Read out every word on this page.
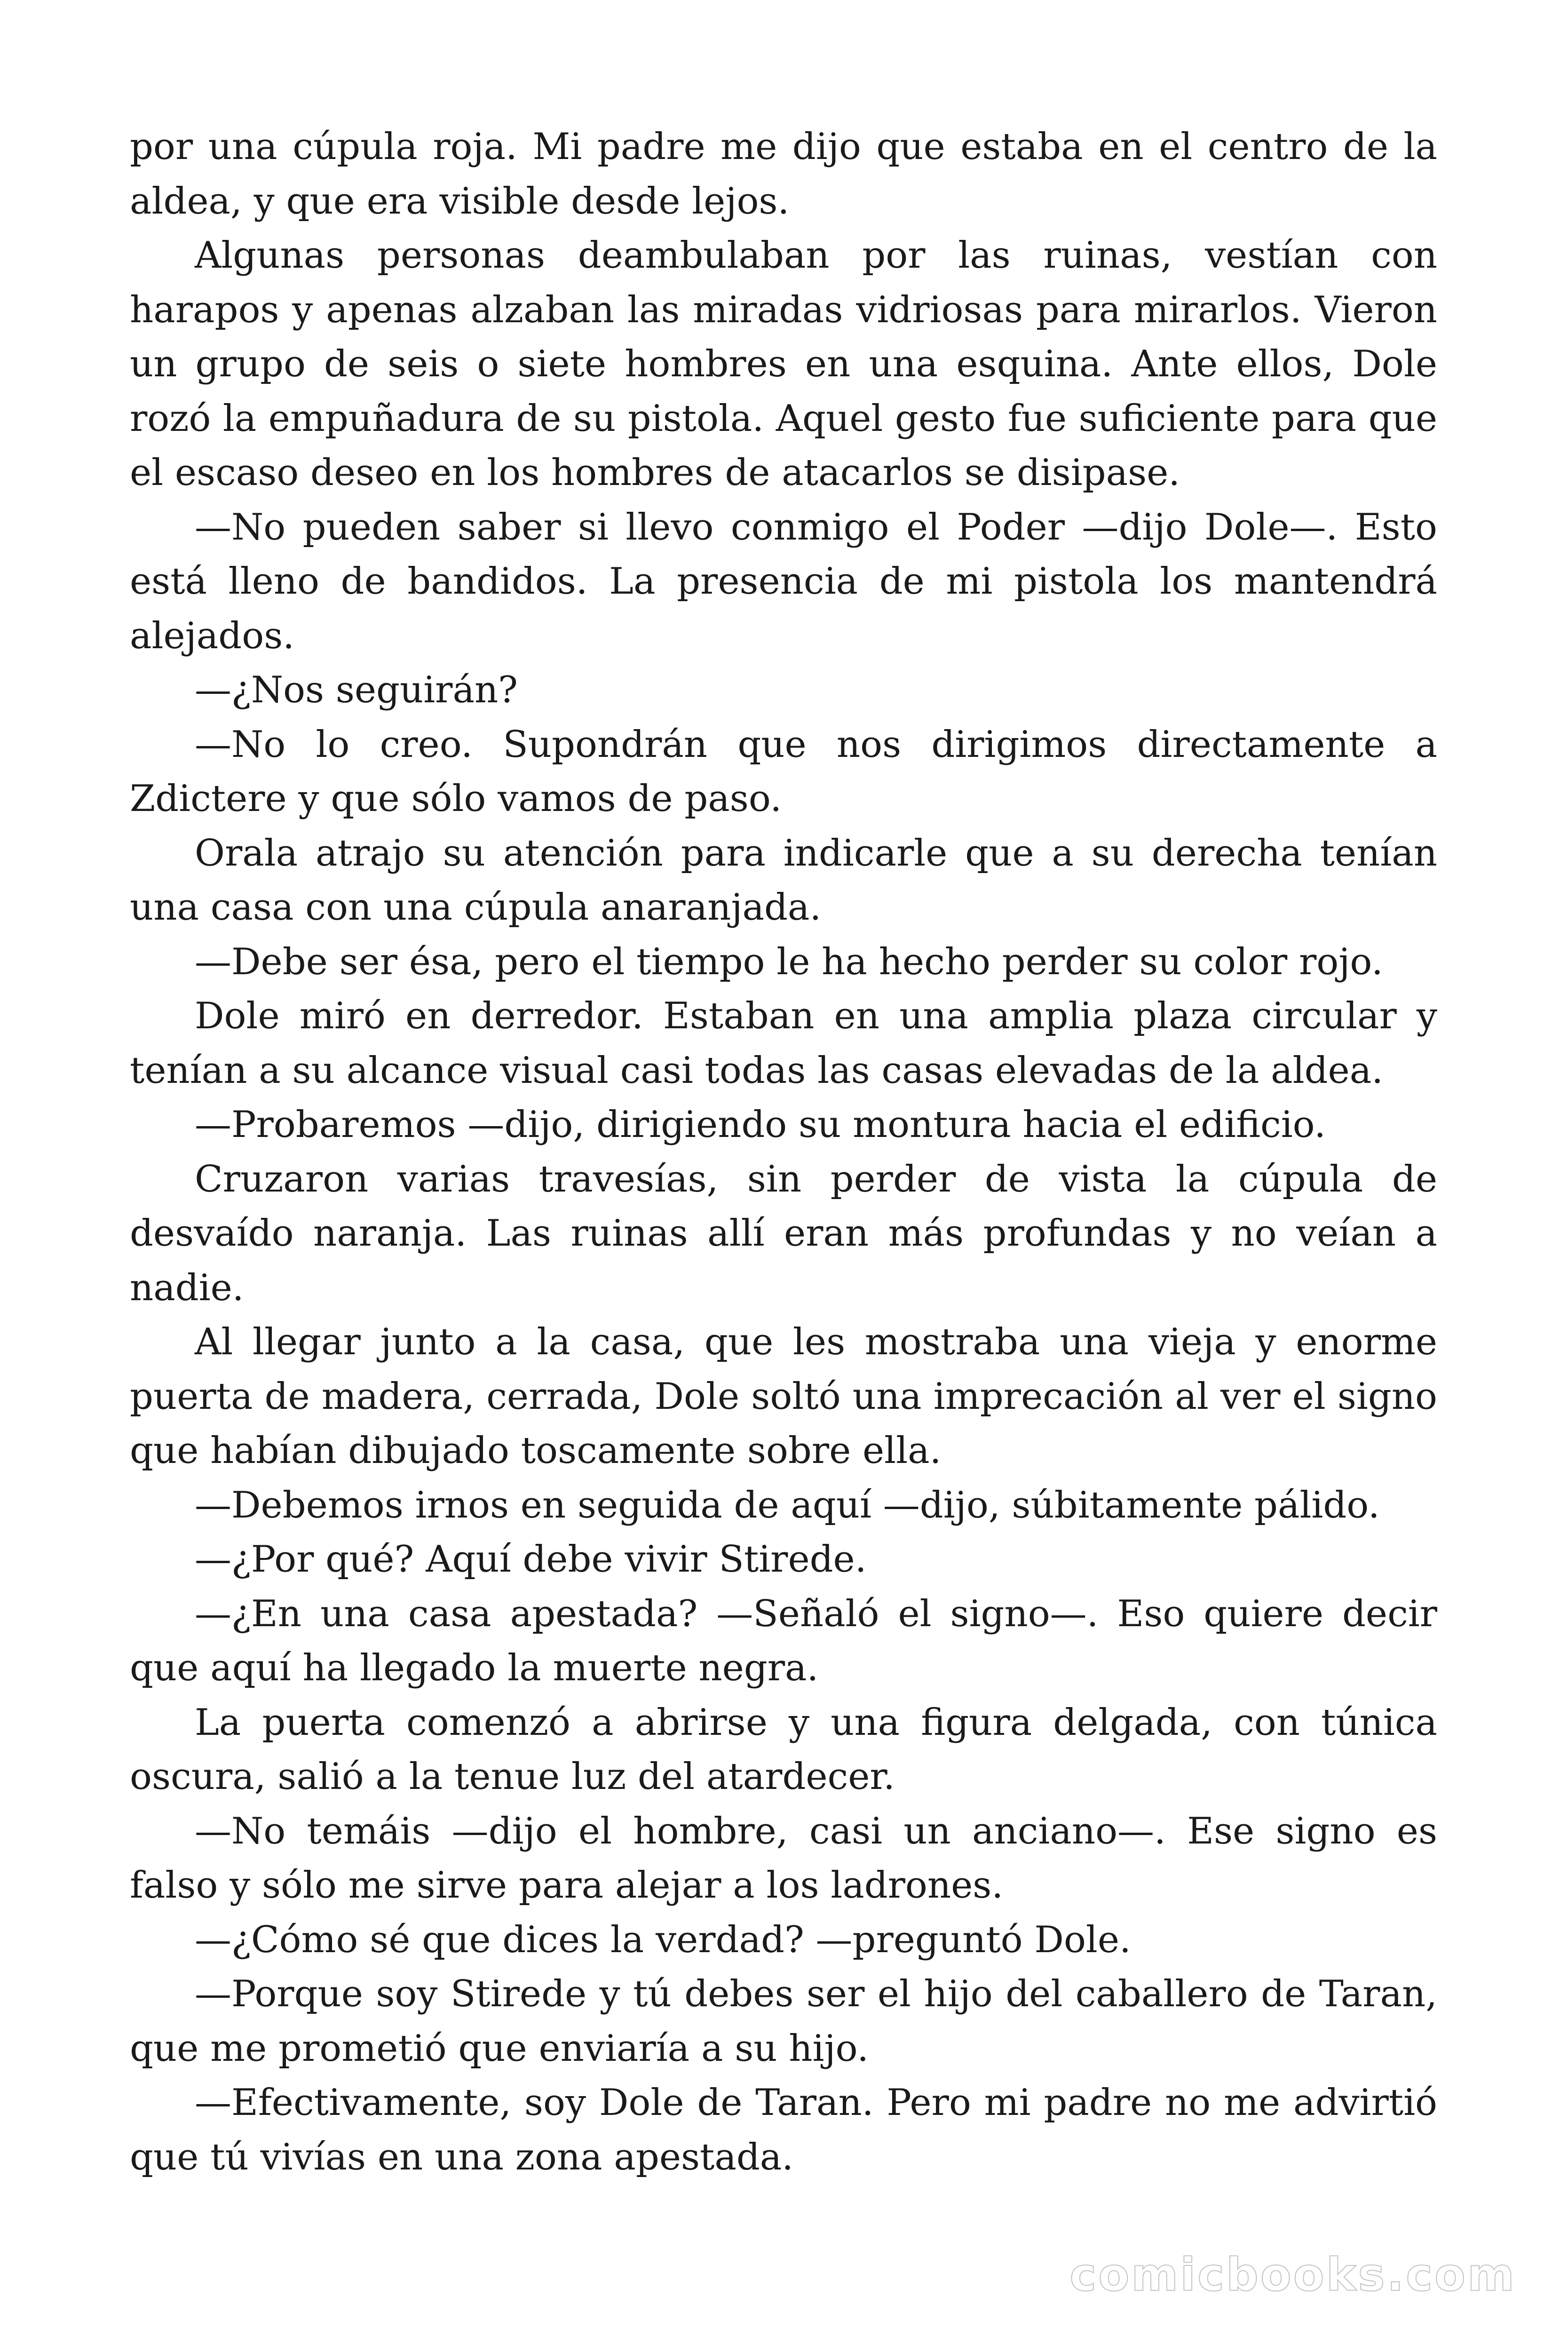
por una cúpula roja. Mi padre me dijo que estaba en el centro de la aldea, y que era visible desde lejos.

Algunas personas deambulaban por las ruinas, vestían con harapos y apenas alzaban las miradas vidriosas para mirarlos. Vieron un grupo de seis o siete hombres en una esquina. Ante ellos, Dole rozó la empuñadura de su pistola. Aquel gesto fue suficiente para que el escaso deseo en los hombres de atacarlos se disipase.

—No pueden saber si llevo conmigo el Poder —dijo Dole—. Esto está lleno de bandidos. La presencia de mi pistola los mantendrá alejados.

—¿Nos seguirán?

—No lo creo. Supondrán que nos dirigimos directamente a Zdictere y que sólo vamos de paso.

Orala atrajo su atención para indicarle que a su derecha tenían una casa con una cúpula anaranjada.

—Debe ser ésa, pero el tiempo le ha hecho perder su color rojo.

Dole miró en derredor. Estaban en una amplia plaza circular y tenían a su alcance visual casi todas las casas elevadas de la aldea.

—Probaremos —dijo, dirigiendo su montura hacia el edificio.

Cruzaron varias travesías, sin perder de vista la cúpula de desvaído naranja. Las ruinas allí eran más profundas y no veían a nadie.

Al llegar junto a la casa, que les mostraba una vieja y enorme puerta de madera, cerrada, Dole soltó una imprecación al ver el signo que habían dibujado toscamente sobre ella.

—Debemos irnos en seguida de aquí —dijo, súbitamente pálido.

—¿Por qué? Aquí debe vivir Stirede.

—¿En una casa apestada? —Señaló el signo—. Eso quiere decir que aquí ha llegado la muerte negra.

La puerta comenzó a abrirse y una figura delgada, con túnica oscura, salió a la tenue luz del atardecer.

—No temáis —dijo el hombre, casi un anciano—. Ese signo es falso y sólo me sirve para alejar a los ladrones.

—¿Cómo sé que dices la verdad? —preguntó Dole.

—Porque soy Stirede y tú debes ser el hijo del caballero de Taran, que me prometió que enviaría a su hijo.

—Efectivamente, soy Dole de Taran. Pero mi padre no me advirtió que tú vivías en una zona apestada.

comicbooks.com
